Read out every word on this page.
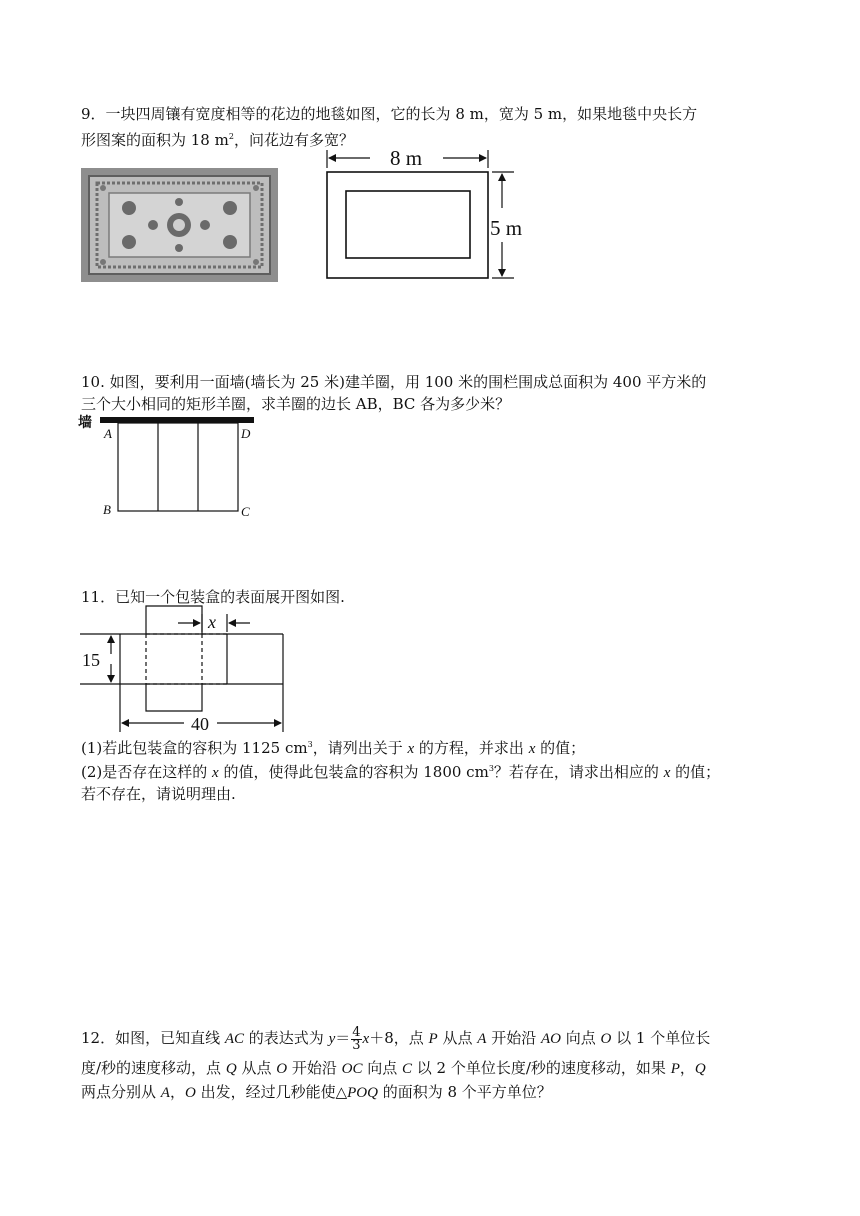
9．一块四周镶有宽度相等的花边的地毯如图，它的长为 8 m，宽为 5 m，如果地毯中央长方
形图案的面积为 18 $m^2$，问花边有多宽？
8 m
5 m
10. 如图，要利用一面墙(墙长为 25 米)建羊圈，用 100 米的围栏围成总面积为 400 平方米的
三个大小相同的矩形羊圈，求羊圈的边长 AB，BC 各为多少米？
墙
A	D
B	C
11．已知一个包装盒的表面展开图如图.
x
15
40
(1)若此包装盒的容积为 1125 $cm^3$，请列出关于 x 的方程，并求出 x 的值；
(2)是否存在这样的 x 的值，使得此包装盒的容积为 1800 $cm^3$？若存在，请求出相应的 x 的值；
若不存在，请说明理由.
12．如图，已知直线 AC 的表达式为 $y= \frac{4}{3} x+8$，点 P 从点 A 开始沿 AO 向点 O 以 1 个单位长
度/秒的速度移动，点 Q 从点 O 开始沿 OC 向点 C 以 2 个单位长度/秒的速度移动，如果 P，Q
两点分别从 A，O 出发，经过几秒能使△POQ 的面积为 8 个平方单位？
